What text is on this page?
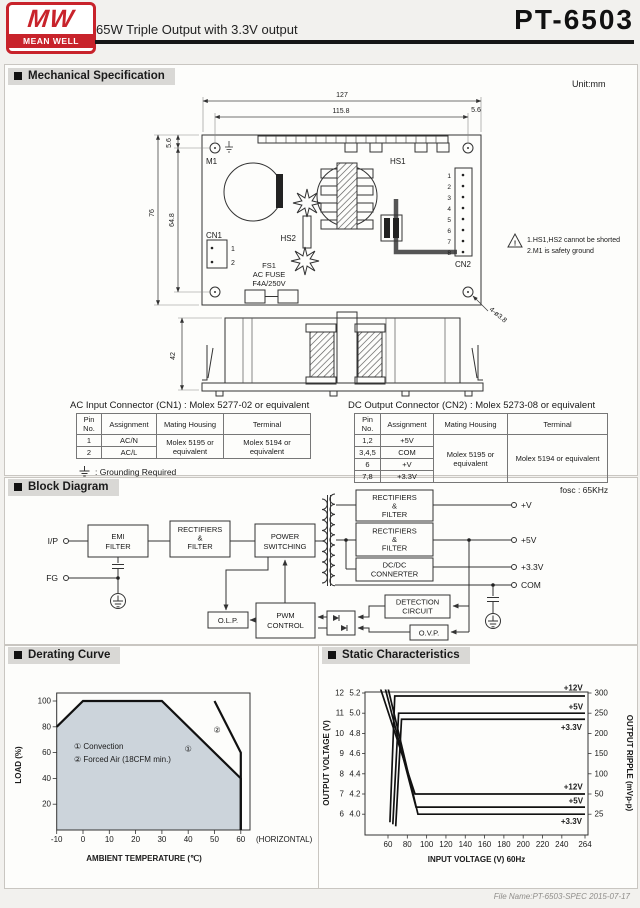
MW
MEAN WELL
65W Triple Output with 3.3V output	PT-6503
Mechanical Specification
Unit:mm
Block Diagram
Derating Curve	Static Characteristics
M1	HS1
HS2
1
2
3
4
5
6
7
8
CN2
CN1
1
2	FS1
AC FUSE
F4A/250V
! 1.HS1,HS2 cannot be shorted
2.M1 is safety ground
4-ø3.8
127
115.8	5.6
5.6
64.8
76
42
AC Input Connector (CN1) : Molex 5277-02 or equivalent
Pin No.	Assignment	Mating Housing	Terminal
1	AC/N	Molex 5195 or equivalent	Molex 5194 or equivalent
2	AC/L		
: Grounding Required
DC Output Connector (CN2) : Molex 5273-08 or equivalent
Pin No.	Assignment	Mating Housing	Terminal
1,2	+5V	Molex 5195 or equivalent	Molex 5194 or equivalent
3,4,5	COM		
6	+V		
7,8	+3.3V		
fosc : 65KHz
I/P
FG
EMI
FILTER
RECTIFIERS
&
FILTER
POWER
SWITCHING
RECTIFIERS
&
FILTER
RECTIFIERS
&
FILTER
DC/DC
CONNERTER
PWM
CONTROL
O.L.P.
DETECTION
CIRCUIT
O.V.P.
+V
+5V
+3.3V
COM
20
40
60
80
100
-10 0 10 20 30 40 50 60 (HORIZONTAL)
①
②
① Convection
② Forced Air (18CFM min.)
LOAD (%)
AMBIENT TEMPERATURE (℃)
5.2
12	300
5.0
11	250
4.8
10	200
4.6
9	150
4.4
8	100
4.2
7	50
4.0
6	25
60 80 100 120 140 160 180 200 220 240 264
+12V
+5V
+3.3V
+12V
+5V
+3.3V
OUTPUT VOLTAGE (V)	OUTPUT RIPPLE (mVp-p)
INPUT VOLTAGE (V) 60Hz
File Name:PT-6503-SPEC 2015-07-17
